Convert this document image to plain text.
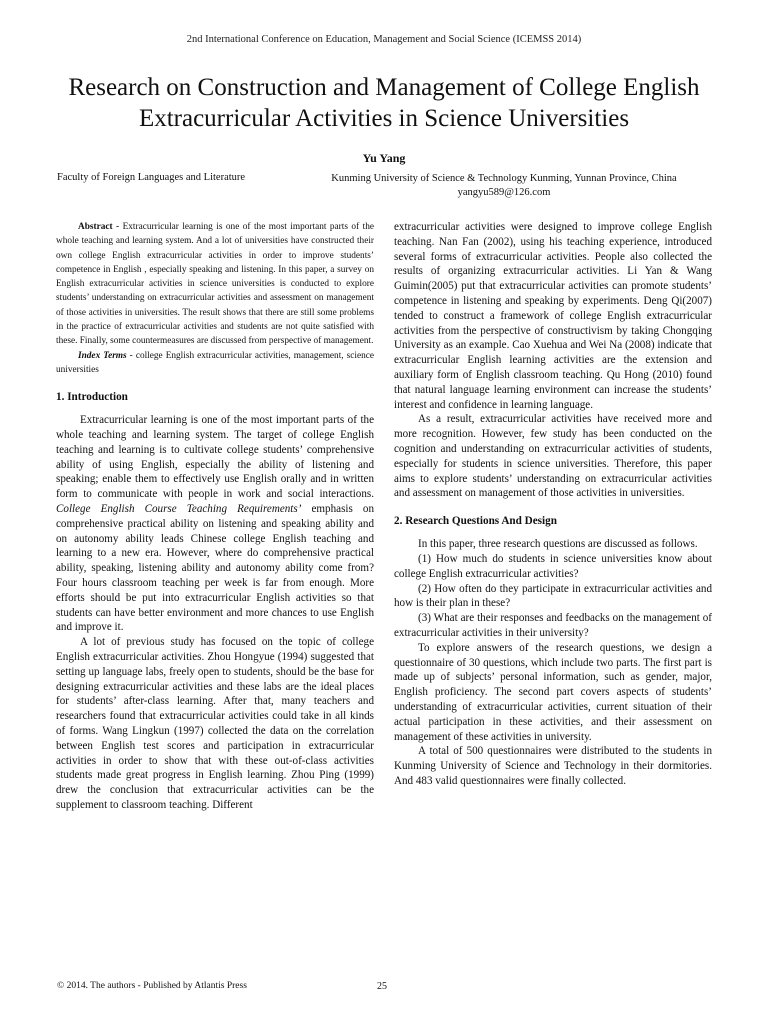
2nd International Conference on Education, Management and Social Science (ICEMSS 2014)
Research on Construction and Management of College English Extracurricular Activities in Science Universities
Yu Yang
Faculty of Foreign Languages and Literature	Kunming University of Science & Technology Kunming, Yunnan Province, China
yangyu589@126.com

Abstract - Extracurricular learning is one of the most important parts of the whole teaching and learning system. And a lot of universities have constructed their own college English extracurricular activities in order to improve students’ competence in English , especially speaking and listening. In this paper, a survey on English extracurricular activities in science universities is conducted to explore students’ understanding on extracurricular activities and assessment on management of those activities in universities. The result shows that there are still some problems in the practice of extracurricular activities and students are not quite satisfied with these. Finally, some countermeasures are discussed from perspective of management.

Index Terms - college English extracurricular activities, management, science universities

1. Introduction

Extracurricular learning is one of the most important parts of the whole teaching and learning system. The target of college English teaching and learning is to cultivate college students’ comprehensive ability of using English, especially the ability of listening and speaking; enable them to effectively use English orally and in written form to communicate with people in work and social interactions. College English Course Teaching Requirements’ emphasis on comprehensive practical ability on listening and speaking ability and on autonomy ability leads Chinese college English teaching and learning to a new era. However, where do comprehensive practical ability, speaking, listening ability and autonomy ability come from? Four hours classroom teaching per week is far from enough. More efforts should be put into extracurricular English activities so that students can have better environment and more chances to use English and improve it.

A lot of previous study has focused on the topic of college English extracurricular activities. Zhou Hongyue (1994) suggested that setting up language labs, freely open to students, should be the base for designing extracurricular activities and these labs are the ideal places for students’ after-class learning. After that, many teachers and researchers found that extracurricular activities could take in all kinds of forms. Wang Lingkun (1997) collected the data on the correlation between English test scores and participation in extracurricular activities in order to show that with these out-of-class activities students made great progress in English learning. Zhou Ping (1999) drew the conclusion that extracurricular activities can be the supplement to classroom teaching. Different

extracurricular activities were designed to improve college English teaching. Nan Fan (2002), using his teaching experience, introduced several forms of extracurricular activities. People also collected the results of organizing extracurricular activities. Li Yan & Wang Guimin(2005) put that extracurricular activities can promote students’ competence in listening and speaking by experiments. Deng Qi(2007) tended to construct a framework of college English extracurricular activities from the perspective of constructivism by taking Chongqing University as an example. Cao Xuehua and Wei Na (2008) indicate that extracurricular English learning activities are the extension and auxiliary form of English classroom teaching. Qu Hong (2010) found that natural language learning environment can increase the students’ interest and confidence in learning language.

As a result, extracurricular activities have received more and more recognition. However, few study has been conducted on the cognition and understanding on extracurricular activities of students, especially for students in science universities. Therefore, this paper aims to explore students’ understanding on extracurricular activities and assessment on management of those activities in universities.

2. Research Questions And Design

In this paper, three research questions are discussed as follows.

(1) How much do students in science universities know about college English extracurricular activities?

(2) How often do they participate in extracurricular activities and how is their plan in these?

(3) What are their responses and feedbacks on the management of extracurricular activities in their university?

To explore answers of the research questions, we design a questionnaire of 30 questions, which include two parts. The first part is made up of subjects’ personal information, such as gender, major, English proficiency. The second part covers aspects of students’ understanding of extracurricular activities, current situation of their actual participation in these activities, and their assessment on management of these activities in university.

A total of 500 questionnaires were distributed to the students in Kunming University of Science and Technology in their dormitories. And 483 valid questionnaires were finally collected.

© 2014. The authors - Published by Atlantis Press	25
